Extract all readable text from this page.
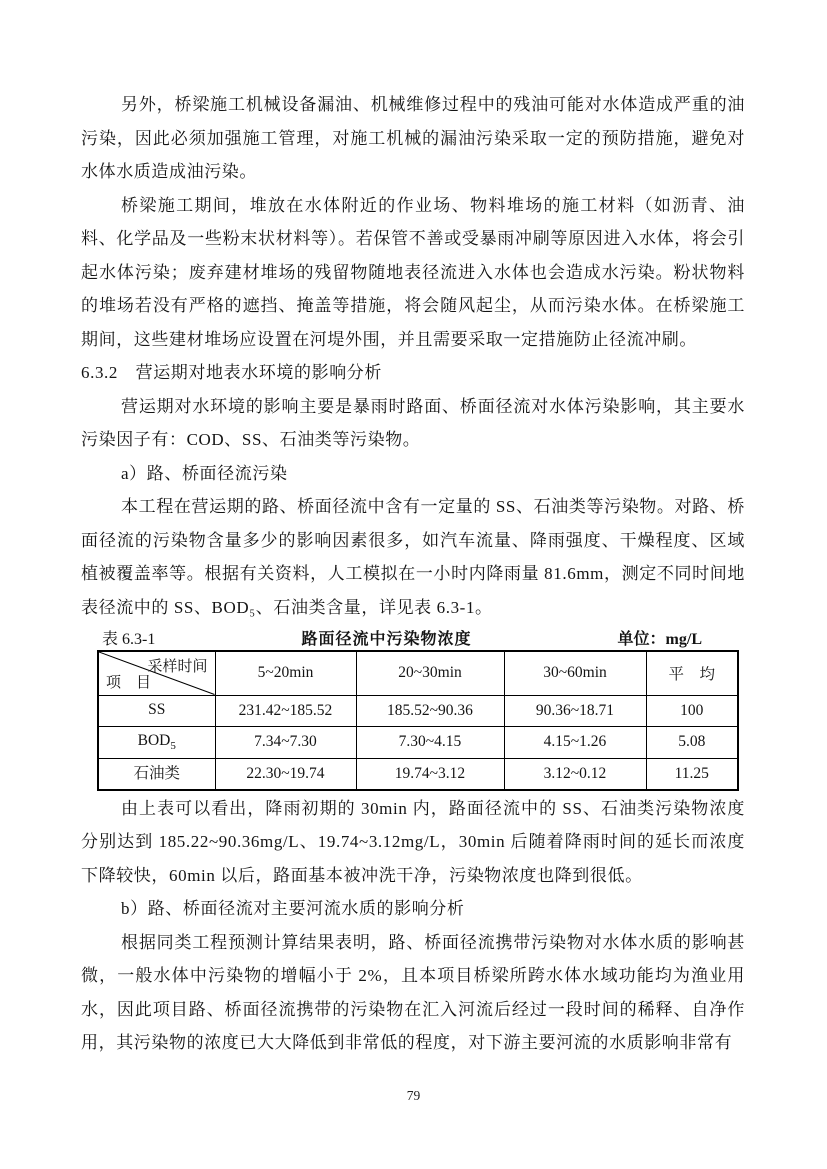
另外，桥梁施工机械设备漏油、机械维修过程中的残油可能对水体造成严重的油污染，因此必须加强施工管理，对施工机械的漏油污染采取一定的预防措施，避免对水体水质造成油污染。

桥梁施工期间，堆放在水体附近的作业场、物料堆场的施工材料（如沥青、油料、化学品及一些粉末状材料等）。若保管不善或受暴雨冲刷等原因进入水体，将会引起水体污染；废弃建材堆场的残留物随地表径流进入水体也会造成水污染。粉状物料的堆场若没有严格的遮挡、掩盖等措施，将会随风起尘，从而污染水体。在桥梁施工期间，这些建材堆场应设置在河堤外围，并且需要采取一定措施防止径流冲刷。

6.3.2　营运期对地表水环境的影响分析

营运期对水环境的影响主要是暴雨时路面、桥面径流对水体污染影响，其主要水污染因子有：COD、SS、石油类等污染物。

a）路、桥面径流污染

本工程在营运期的路、桥面径流中含有一定量的 SS、石油类等污染物。对路、桥面径流的污染物含量多少的影响因素很多，如汽车流量、降雨强度、干燥程度、区域植被覆盖率等。根据有关资料，人工模拟在一小时内降雨量 81.6mm，测定不同时间地表径流中的 SS、BOD₅、石油类含量，详见表 6.3-1。

表 6.3-1	路面径流中污染物浓度	单位：mg/L
采样时间
项　目	5~20min	20~30min	30~60min	平　均
SS	231.42~185.52	185.52~90.36	90.36~18.71	100
$BOD_5$	7.34~7.30	7.30~4.15	4.15~1.26	5.08
石油类	22.30~19.74	19.74~3.12	3.12~0.12	11.25

由上表可以看出，降雨初期的 30min 内，路面径流中的 SS、石油类污染物浓度分别达到 185.22~90.36mg/L、19.74~3.12mg/L，30min 后随着降雨时间的延长而浓度下降较快，60min 以后，路面基本被冲洗干净，污染物浓度也降到很低。

b）路、桥面径流对主要河流水质的影响分析

根据同类工程预测计算结果表明，路、桥面径流携带污染物对水体水质的影响甚微，一般水体中污染物的增幅小于 2%，且本项目桥梁所跨水体水域功能均为渔业用水，因此项目路、桥面径流携带的污染物在汇入河流后经过一段时间的稀释、自净作用，其污染物的浓度已大大降低到非常低的程度，对下游主要河流的水质影响非常有

79
